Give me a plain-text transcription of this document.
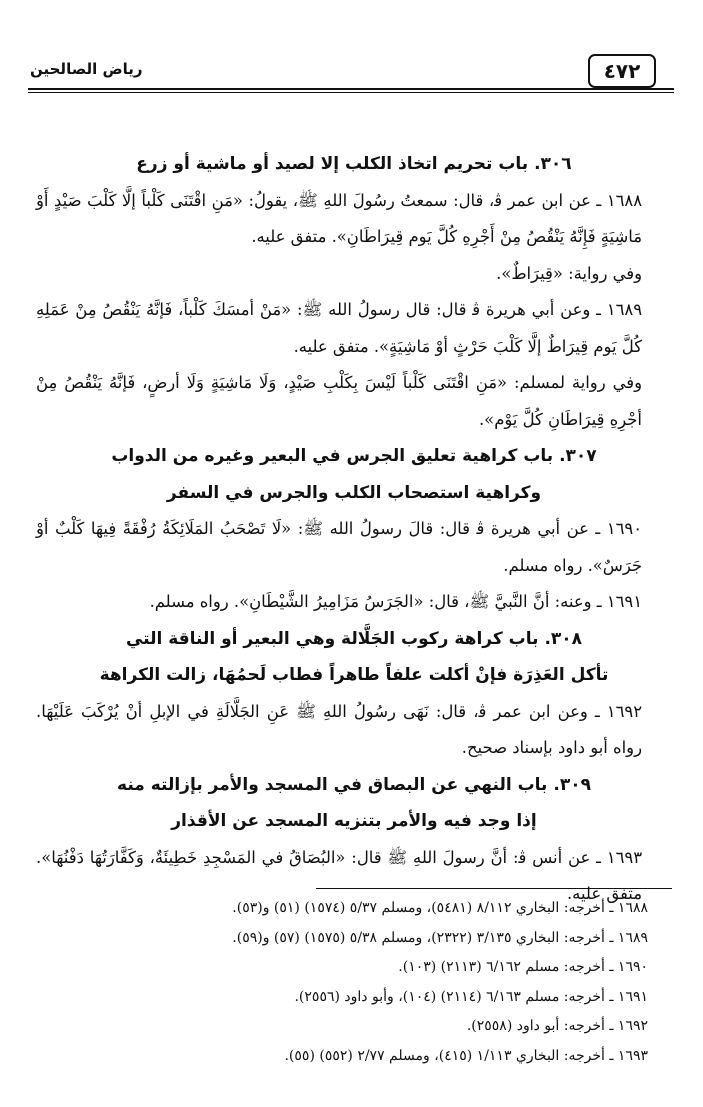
رياض الصالحين	٤٧٢

٣٠٦. باب تحريم اتخاذ الكلب إلا لصيد أو ماشية أو زرع

١٦٨٨ ـ عن ابن عمر ﭬ، قال: سمعتُ رسُولَ اللهِ ﷺ، يقولُ: «مَنِ اقْتَنَى كَلْباً إلَّا كَلْبَ صَيْدٍ أَوْ مَاشِيَةٍ فَإِنَّهُ يَنْقُصُ مِنْ أَجْرِهِ كُلَّ يَوم قِيرَاطَانِ». متفق عليه.

وفي رواية: «قِيرَاطٌ».

١٦٨٩ ـ وعن أبي هريرة ﭬ قال: قال رسولُ الله ﷺ: «مَنْ أمسَكَ كَلْباً، فَإنَّهُ يَنْقُصُ مِنْ عَمَلِهِ كُلَّ يَوم قِيرَاطٌ إلَّا كَلْبَ حَرْثٍ أوْ مَاشِيَةٍ». متفق عليه.

وفي رواية لمسلم: «مَنِ اقْتَنَى كَلْباً لَيْسَ بِكَلْبِ صَيْدٍ، وَلَا مَاشِيَةٍ وَلَا أرضٍ، فَإنَّهُ يَنْقُصُ مِنْ أجْرِهِ قِيرَاطَانِ كُلَّ يَوْم».

٣٠٧. باب كراهية تعليق الجرس في البعير وغيره من الدواب

وكراهية استصحاب الكلب والجرس في السفر

١٦٩٠ ـ عن أبي هريرة ﭬ قال: قالَ رسولُ الله ﷺ: «لَا تَصْحَبُ المَلَائِكَةُ رُفْقَةً فِيهَا كَلْبٌ أوْ جَرَسٌ». رواه مسلم.

١٦٩١ ـ وعنه: أنَّ النَّبيَّ ﷺ، قال: «الجَرَسُ مَزَامِيرُ الشَّيْطَانِ». رواه مسلم.

٣٠٨. باب كراهة ركوب الجَلَّالة وهي البعير أو الناقة التي

تأكل العَذِرَة فإنْ أكلت علفاً طاهراً فطاب لَحمُهَا، زالت الكراهة

١٦٩٢ ـ وعن ابن عمر ﭬ، قال: نَهَى رسُولُ اللهِ ﷺ عَنِ الجَلَّالَةِ في الإبلِ أنْ يُرْكَبَ عَلَيْهَا. رواه أبو داود بإسناد صحيح.

٣٠٩. باب النهي عن البصاق في المسجد والأمر بإزالته منه

إذا وجد فيه والأمر بتنزيه المسجد عن الأقذار

١٦٩٣ ـ عن أنس ﭬ: أنَّ رسولَ اللهِ ﷺ قال: «البُصَاقُ في المَسْجِدِ خَطِيئَةٌ، وَكَفَّارَتُهَا دَفْنُهَا». متفق عليه.

١٦٨٨ ـ أخرجه: البخاري ٨/١١٢ (٥٤٨١)، ومسلم ٥/٣٧ (١٥٧٤) (٥١) و(٥٣).

١٦٨٩ ـ أخرجه: البخاري ٣/١٣٥ (٢٣٢٢)، ومسلم ٥/٣٨ (١٥٧٥) (٥٧) و(٥٩).

١٦٩٠ ـ أخرجه: مسلم ٦/١٦٢ (٢١١٣) (١٠٣).

١٦٩١ ـ أخرجه: مسلم ٦/١٦٣ (٢١١٤) (١٠٤)، وأبو داود (٢٥٥٦).

١٦٩٢ ـ أخرجه: أبو داود (٢٥٥٨).

١٦٩٣ ـ أخرجه: البخاري ١/١١٣ (٤١٥)، ومسلم ٢/٧٧ (٥٥٢) (٥٥).
